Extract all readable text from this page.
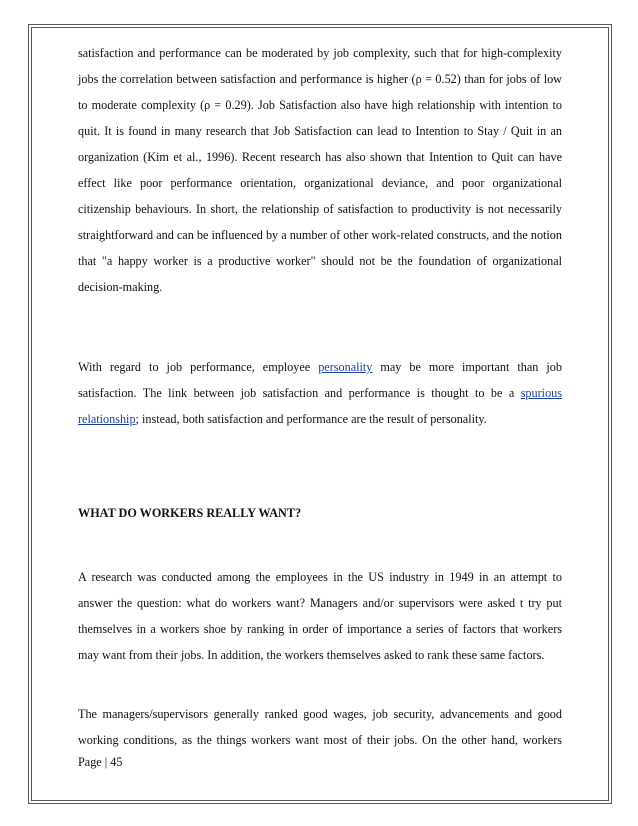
satisfaction and performance can be moderated by job complexity, such that for high-complexity jobs the correlation between satisfaction and performance is higher (ρ = 0.52) than for jobs of low to moderate complexity (ρ = 0.29). Job Satisfaction also have high relationship with intention to quit. It is found in many research that Job Satisfaction can lead to Intention to Stay / Quit in an organization (Kim et al., 1996). Recent research has also shown that Intention to Quit can have effect like poor performance orientation, organizational deviance, and poor organizational citizenship behaviours. In short, the relationship of satisfaction to productivity is not necessarily straightforward and can be influenced by a number of other work-related constructs, and the notion that "a happy worker is a productive worker" should not be the foundation of organizational decision-making.

With regard to job performance, employee personality may be more important than job satisfaction. The link between job satisfaction and performance is thought to be a spurious relationship; instead, both satisfaction and performance are the result of personality.

WHAT DO WORKERS REALLY WANT?

A research was conducted among the employees in the US industry in 1949 in an attempt to answer the question: what do workers want? Managers and/or supervisors were asked t try put themselves in a workers shoe by ranking in order of importance a series of factors that workers may want from their jobs. In addition, the workers themselves asked to rank these same factors.

The managers/supervisors generally ranked good wages, job security, advancements and good working conditions, as the things workers want most of their jobs. On the other hand, workers

Page | 45
